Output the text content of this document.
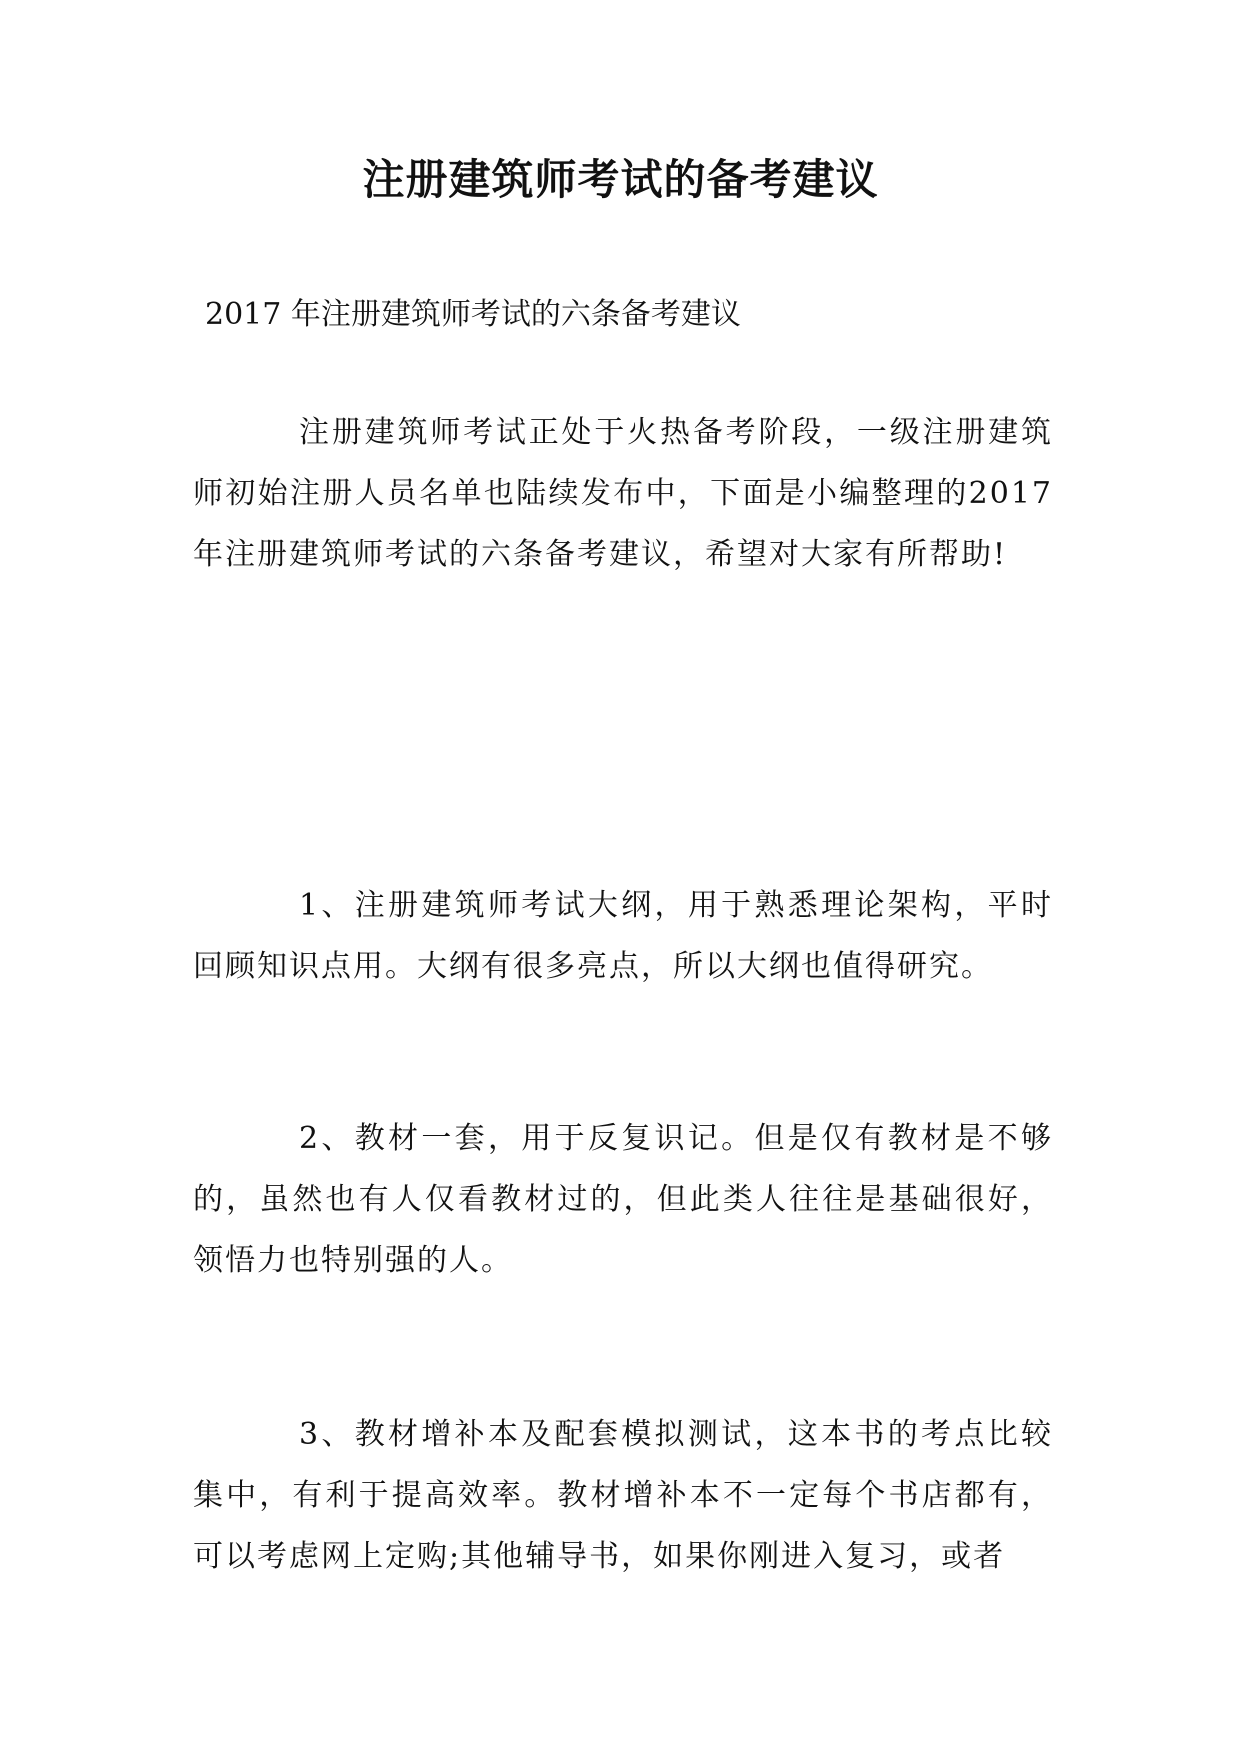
注册建筑师考试的备考建议
2017 年注册建筑师考试的六条备考建议

注册建筑师考试正处于火热备考阶段，一级注册建筑师初始注册人员名单也陆续发布中，下面是小编整理的2017年注册建筑师考试的六条备考建议，希望对大家有所帮助!

1、注册建筑师考试大纲，用于熟悉理论架构，平时回顾知识点用。大纲有很多亮点，所以大纲也值得研究。

2、教材一套，用于反复识记。但是仅有教材是不够的，虽然也有人仅看教材过的，但此类人往往是基础很好，领悟力也特别强的人。

3、教材增补本及配套模拟测试，这本书的考点比较集中，有利于提高效率。教材增补本不一定每个书店都有，可以考虑网上定购;其他辅导书，如果你刚进入复习，或者
